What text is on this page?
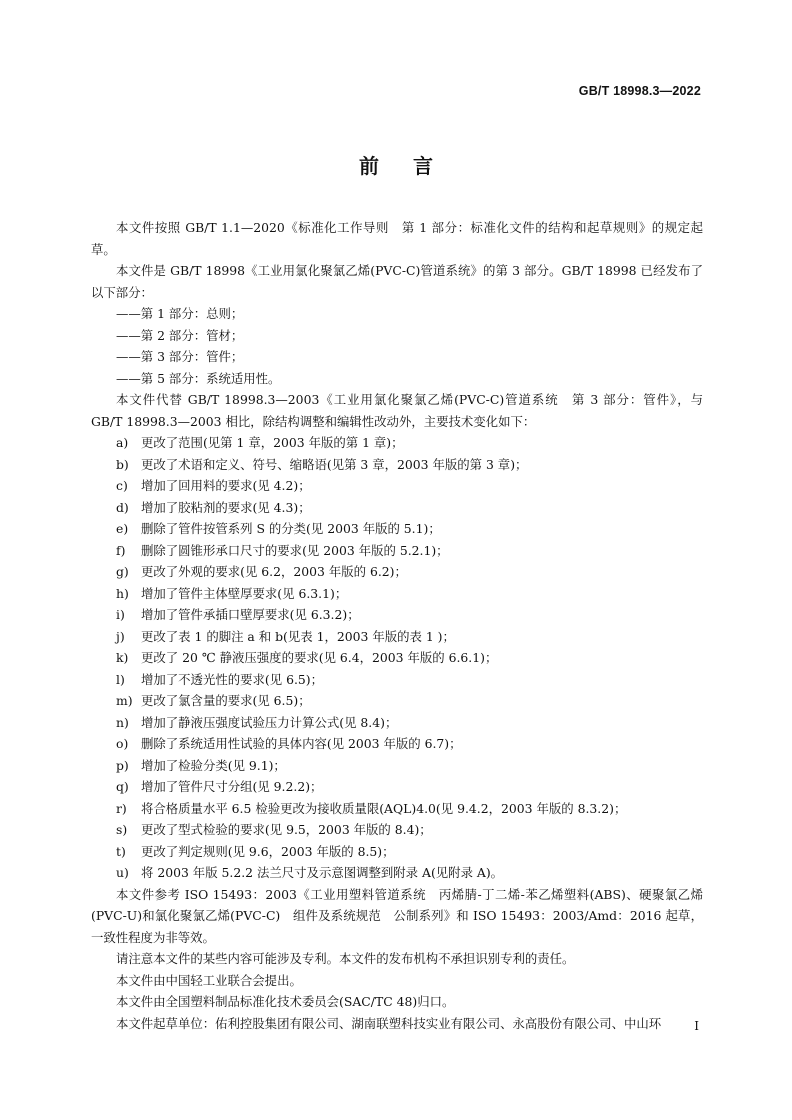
GB/T 18998.3—2022
前言

本文件按照 GB/T 1.1—2020《标准化工作导则　第 1 部分：标准化文件的结构和起草规则》的规定起草。

本文件是 GB/T 18998《工业用氯化聚氯乙烯(PVC-C)管道系统》的第 3 部分。GB/T 18998 已经发布了以下部分：

——第 1 部分：总则；

——第 2 部分：管材；

——第 3 部分：管件；

——第 5 部分：系统适用性。

本文件代替 GB/T 18998.3—2003《工业用氯化聚氯乙烯(PVC-C)管道系统　第 3 部分：管件》，与 GB/T 18998.3—2003 相比，除结构调整和编辑性改动外，主要技术变化如下：

a) 更改了范围(见第 1 章，2003 年版的第 1 章)；

b) 更改了术语和定义、符号、缩略语(见第 3 章，2003 年版的第 3 章)；

c) 增加了回用料的要求(见 4.2)；

d) 增加了胶粘剂的要求(见 4.3)；

e) 删除了管件按管系列 S 的分类(见 2003 年版的 5.1)；

f) 删除了圆锥形承口尺寸的要求(见 2003 年版的 5.2.1)；

g) 更改了外观的要求(见 6.2，2003 年版的 6.2)；

h) 增加了管件主体壁厚要求(见 6.3.1)；

i) 增加了管件承插口壁厚要求(见 6.3.2)；

j) 更改了表 1 的脚注 a 和 b(见表 1，2003 年版的表 1 )；

k) 更改了 20 ℃ 静液压强度的要求(见 6.4，2003 年版的 6.6.1)；

l) 增加了不透光性的要求(见 6.5)；

m) 更改了氯含量的要求(见 6.5)；

n) 增加了静液压强度试验压力计算公式(见 8.4)；

o) 删除了系统适用性试验的具体内容(见 2003 年版的 6.7)；

p) 增加了检验分类(见 9.1)；

q) 增加了管件尺寸分组(见 9.2.2)；

r) 将合格质量水平 6.5 检验更改为接收质量限(AQL)4.0(见 9.4.2，2003 年版的 8.3.2)；

s) 更改了型式检验的要求(见 9.5，2003 年版的 8.4)；

t) 更改了判定规则(见 9.6，2003 年版的 8.5)；

u) 将 2003 年版 5.2.2 法兰尺寸及示意图调整到附录 A(见附录 A)。

本文件参考 ISO 15493：2003《工业用塑料管道系统　丙烯腈-丁二烯-苯乙烯塑料(ABS)、硬聚氯乙烯(PVC-U)和氯化聚氯乙烯(PVC-C)　组件及系统规范　公制系列》和 ISO 15493：2003/Amd：2016 起草，一致性程度为非等效。

请注意本文件的某些内容可能涉及专利。本文件的发布机构不承担识别专利的责任。

本文件由中国轻工业联合会提出。

本文件由全国塑料制品标准化技术委员会(SAC/TC 48)归口。

本文件起草单位：佑利控股集团有限公司、湖南联塑科技实业有限公司、永高股份有限公司、中山环	Ⅰ
